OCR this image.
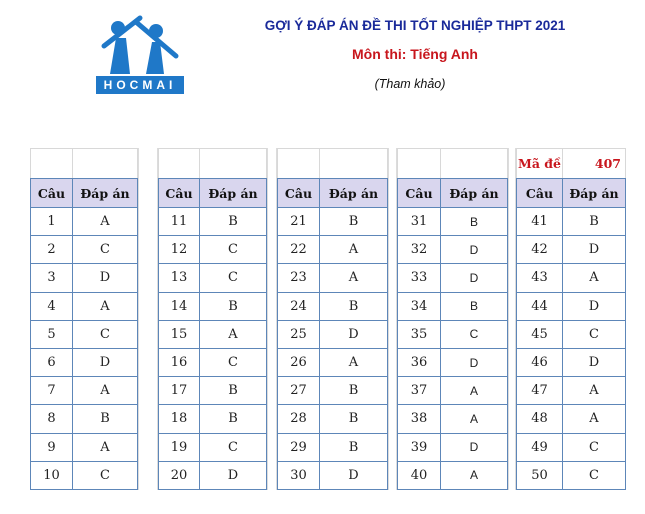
HOCMAI
GỢI Ý ĐÁP ÁN ĐỀ THI TỐT NGHIỆP THPT 2021
Môn thi: Tiếng Anh
(Tham khảo)
Câu	Đáp án
1	A
2	C
3	D
4	A
5	C
6	D
7	A
8	B
9	A
10	C
Câu	Đáp án
11	B
12	C
13	C
14	B
15	A
16	C
17	B
18	B
19	C
20	D
Câu	Đáp án
21	B
22	A
23	A
24	B
25	D
26	A
27	B
28	B
29	B
30	D
Câu	Đáp án
31	B
32	D
33	D
34	B
35	C
36	D
37	A
38	A
39	D
40	A
Mã đề	407
Câu	Đáp án
41	B
42	D
43	A
44	D
45	C
46	D
47	A
48	A
49	C
50	C
